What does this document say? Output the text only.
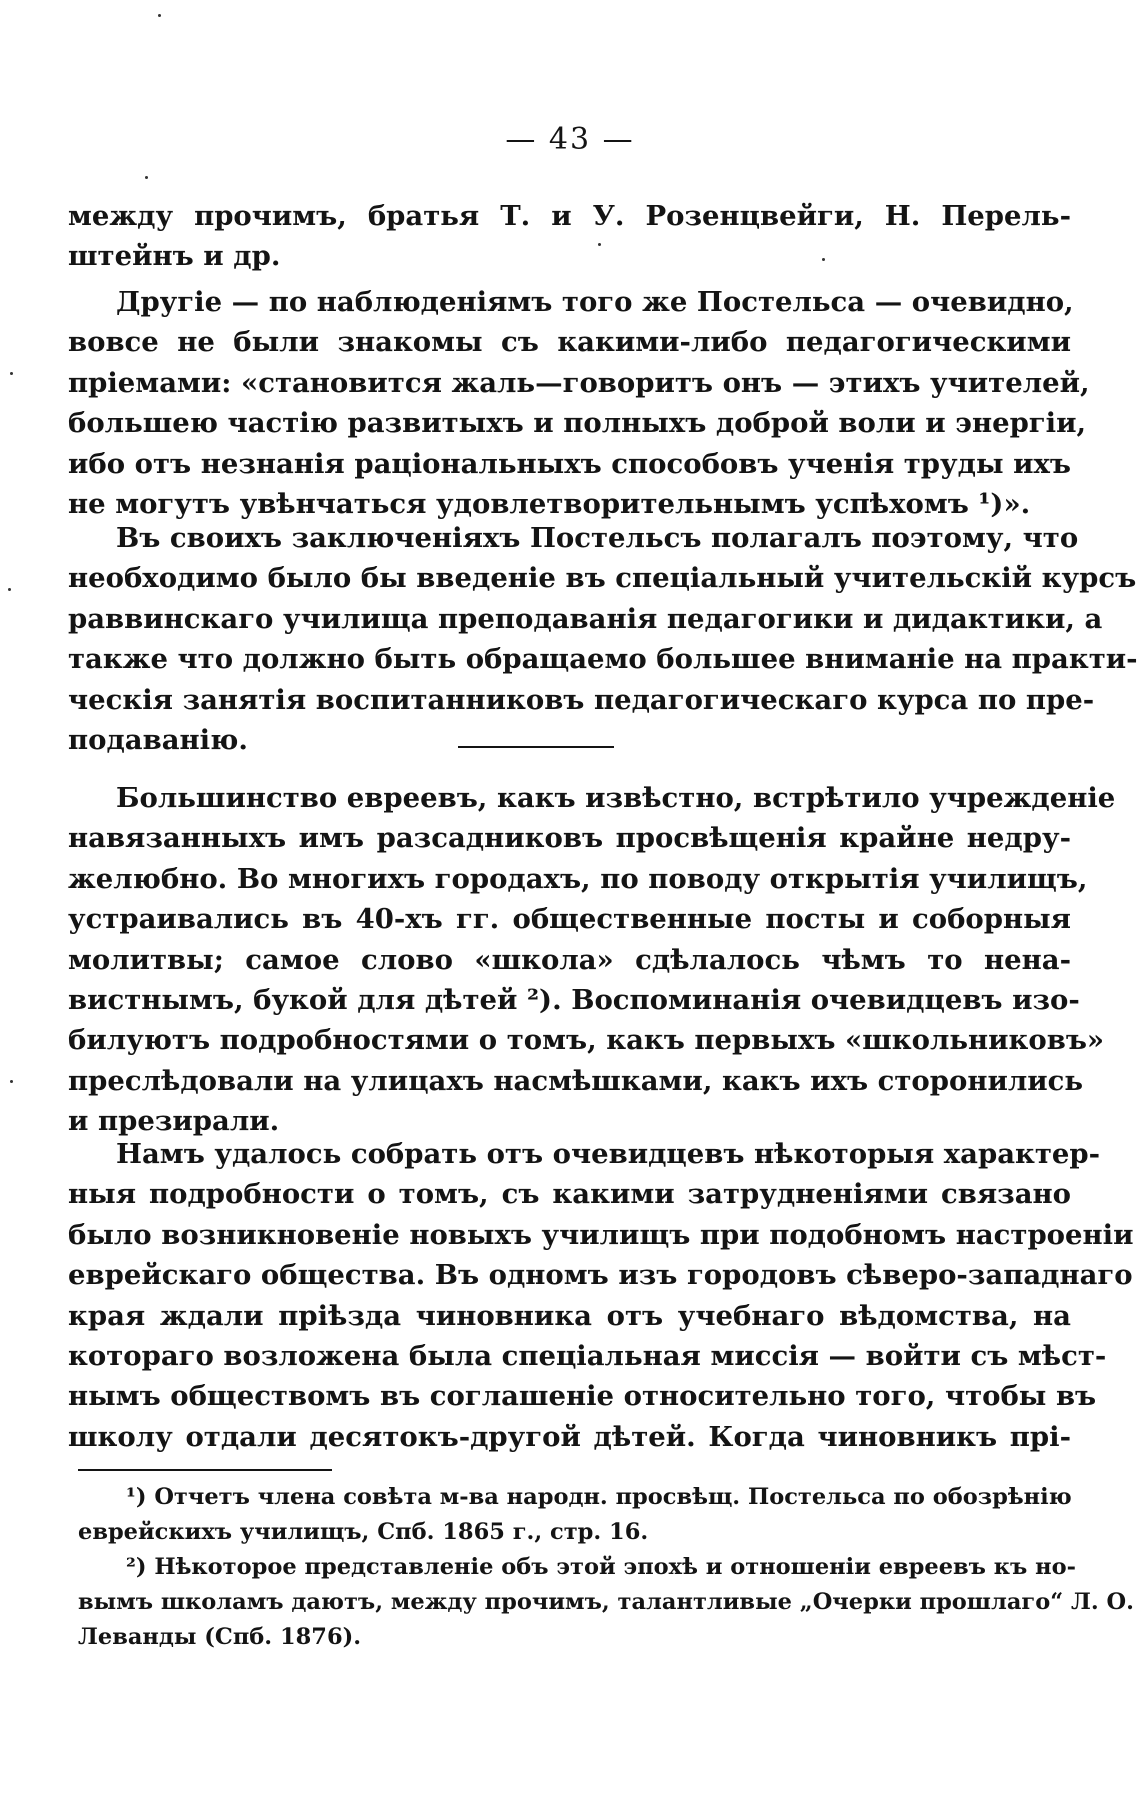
— 43 —

между прочимъ, братья Т. и У. Розенцвейги, Н. Перель-
штейнъ и др.

Другіе — по наблюденіямъ того же Постельса — очевидно,
вовсе не были знакомы съ какими-либо педагогическими
пріемами: «становится жаль—говоритъ онъ — этихъ учителей,
большею частію развитыхъ и полныхъ доброй воли и энергіи,
ибо отъ незнанія раціональныхъ способовъ ученія труды ихъ
не могутъ увѣнчаться удовлетворительнымъ успѣхомъ ¹)».

Въ своихъ заключеніяхъ Постельсъ полагалъ поэтому, что
необходимо было бы введеніе въ спеціальный учительскій курсъ
раввинскаго училища преподаванія педагогики и дидактики, а
также что должно быть обращаемо большее вниманіе на практи-
ческія занятія воспитанниковъ педагогическаго курса по пре-
подаванію.

Большинство евреевъ, какъ извѣстно, встрѣтило учрежденіе
навязанныхъ имъ разсадниковъ просвѣщенія крайне недру-
желюбно. Во многихъ городахъ, по поводу открытія училищъ,
устраивались въ 40-хъ гг. общественные посты и соборныя
молитвы; самое слово «школа» сдѣлалось чѣмъ то нена-
вистнымъ, букой для дѣтей ²). Воспоминанія очевидцевъ изо-
билуютъ подробностями о томъ, какъ первыхъ «школьниковъ»
преслѣдовали на улицахъ насмѣшками, какъ ихъ сторонились
и презирали.

Намъ удалось собрать отъ очевидцевъ нѣкоторыя характер-
ныя подробности о томъ, съ какими затрудненіями связано
было возникновеніе новыхъ училищъ при подобномъ настроеніи
еврейскаго общества. Въ одномъ изъ городовъ сѣверо-западнаго
края ждали пріѣзда чиновника отъ учебнаго вѣдомства, на
котораго возложена была спеціальная миссія — войти съ мѣст-
нымъ обществомъ въ соглашеніе относительно того, чтобы въ
школу отдали десятокъ-другой дѣтей. Когда чиновникъ прі-

¹) Отчетъ члена совѣта м-ва народн. просвѣщ. Постельса по обозрѣнію
еврейскихъ училищъ, Спб. 1865 г., стр. 16.
²) Нѣкоторое представленіе объ этой эпохѣ и отношеніи евреевъ къ но-
вымъ школамъ даютъ, между прочимъ, талантливые „Очерки прошлаго“ Л. О.
Леванды (Спб. 1876).
